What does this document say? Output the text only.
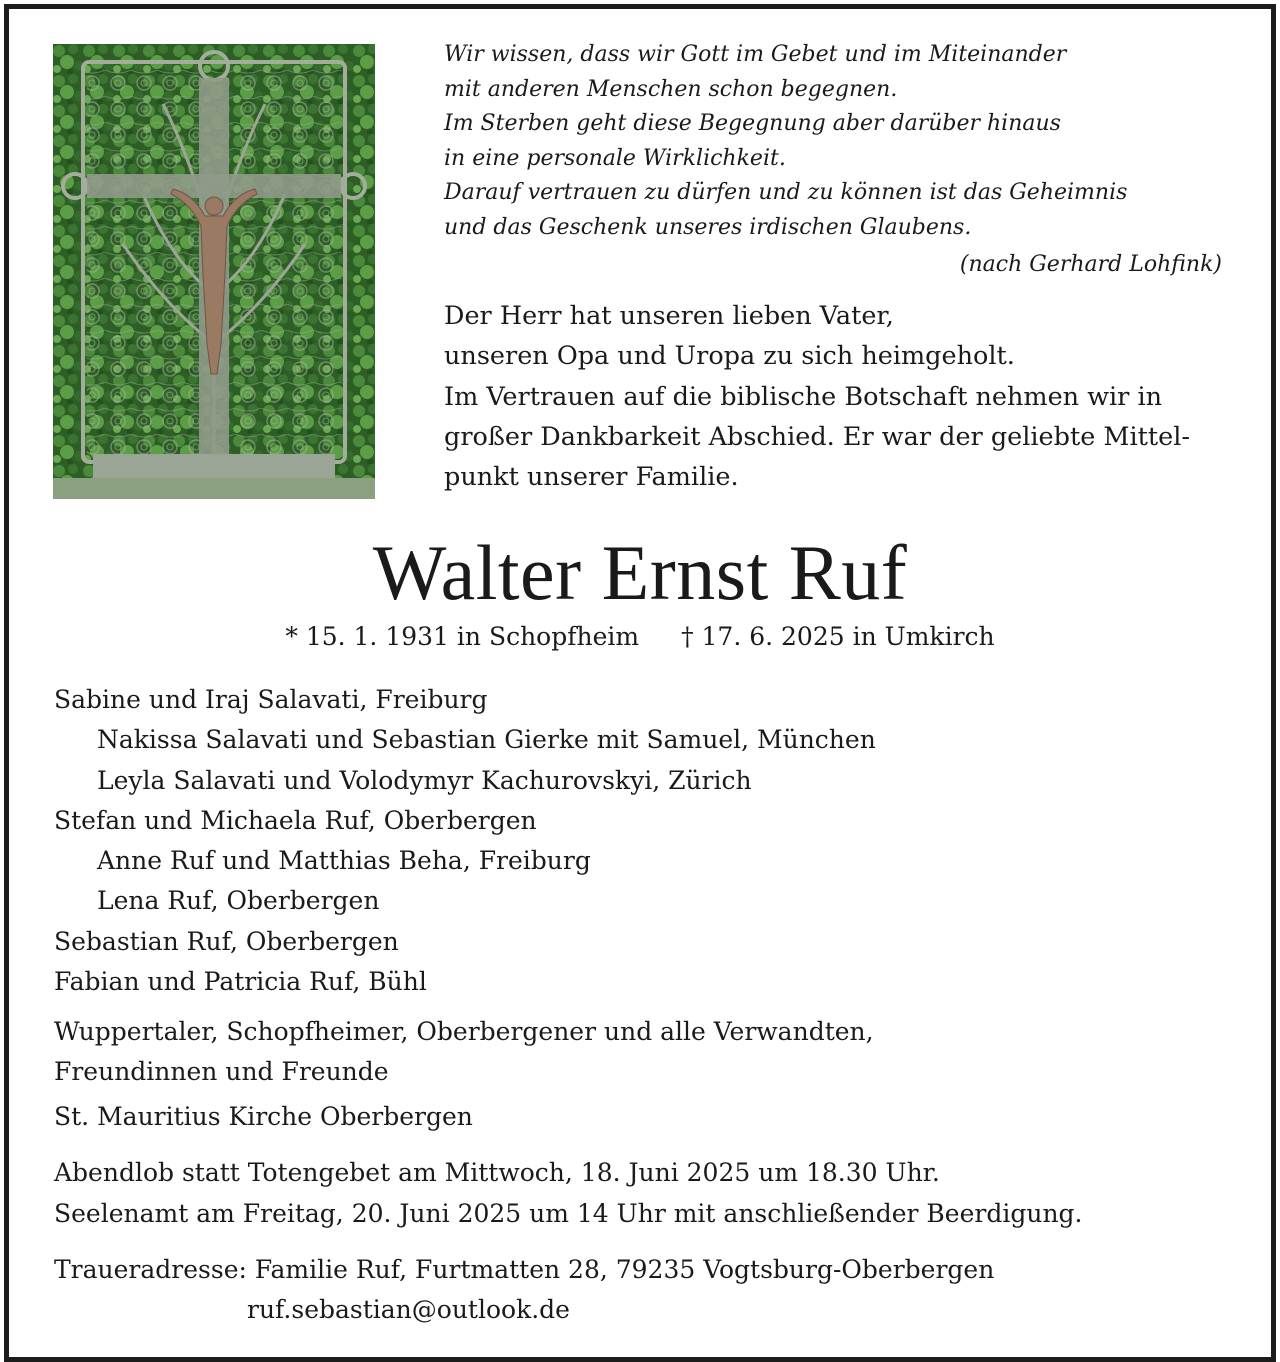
Wir wissen, dass wir Gott im Gebet und im Miteinander
mit anderen Menschen schon begegnen.
Im Sterben geht diese Begegnung aber darüber hinaus
in eine personale Wirklichkeit.
Darauf vertrauen zu dürfen und zu können ist das Geheimnis
und das Geschenk unseres irdischen Glaubens.
(nach Gerhard Lohfink)
Der Herr hat unseren lieben Vater,
unseren Opa und Uropa zu sich heimgeholt.
Im Vertrauen auf die biblische Botschaft nehmen wir in
großer Dankbarkeit Abschied. Er war der geliebte Mittel-
punkt unserer Familie.
Walter Ernst Ruf
* 15. 1. 1931 in Schopfheim † 17. 6. 2025 in Umkirch
Sabine und Iraj Salavati, Freiburg
Nakissa Salavati und Sebastian Gierke mit Samuel, München
Leyla Salavati und Volodymyr Kachurovskyi, Zürich
Stefan und Michaela Ruf, Oberbergen
Anne Ruf und Matthias Beha, Freiburg
Lena Ruf, Oberbergen
Sebastian Ruf, Oberbergen
Fabian und Patricia Ruf, Bühl
Wuppertaler, Schopfheimer, Oberbergener und alle Verwandten,
Freundinnen und Freunde
St. Mauritius Kirche Oberbergen
Abendlob statt Totengebet am Mittwoch, 18. Juni 2025 um 18.30 Uhr.
Seelenamt am Freitag, 20. Juni 2025 um 14 Uhr mit anschließender Beerdigung.
Traueradresse: Familie Ruf, Furtmatten 28, 79235 Vogtsburg-Oberbergen
ruf.sebastian@outlook.de
